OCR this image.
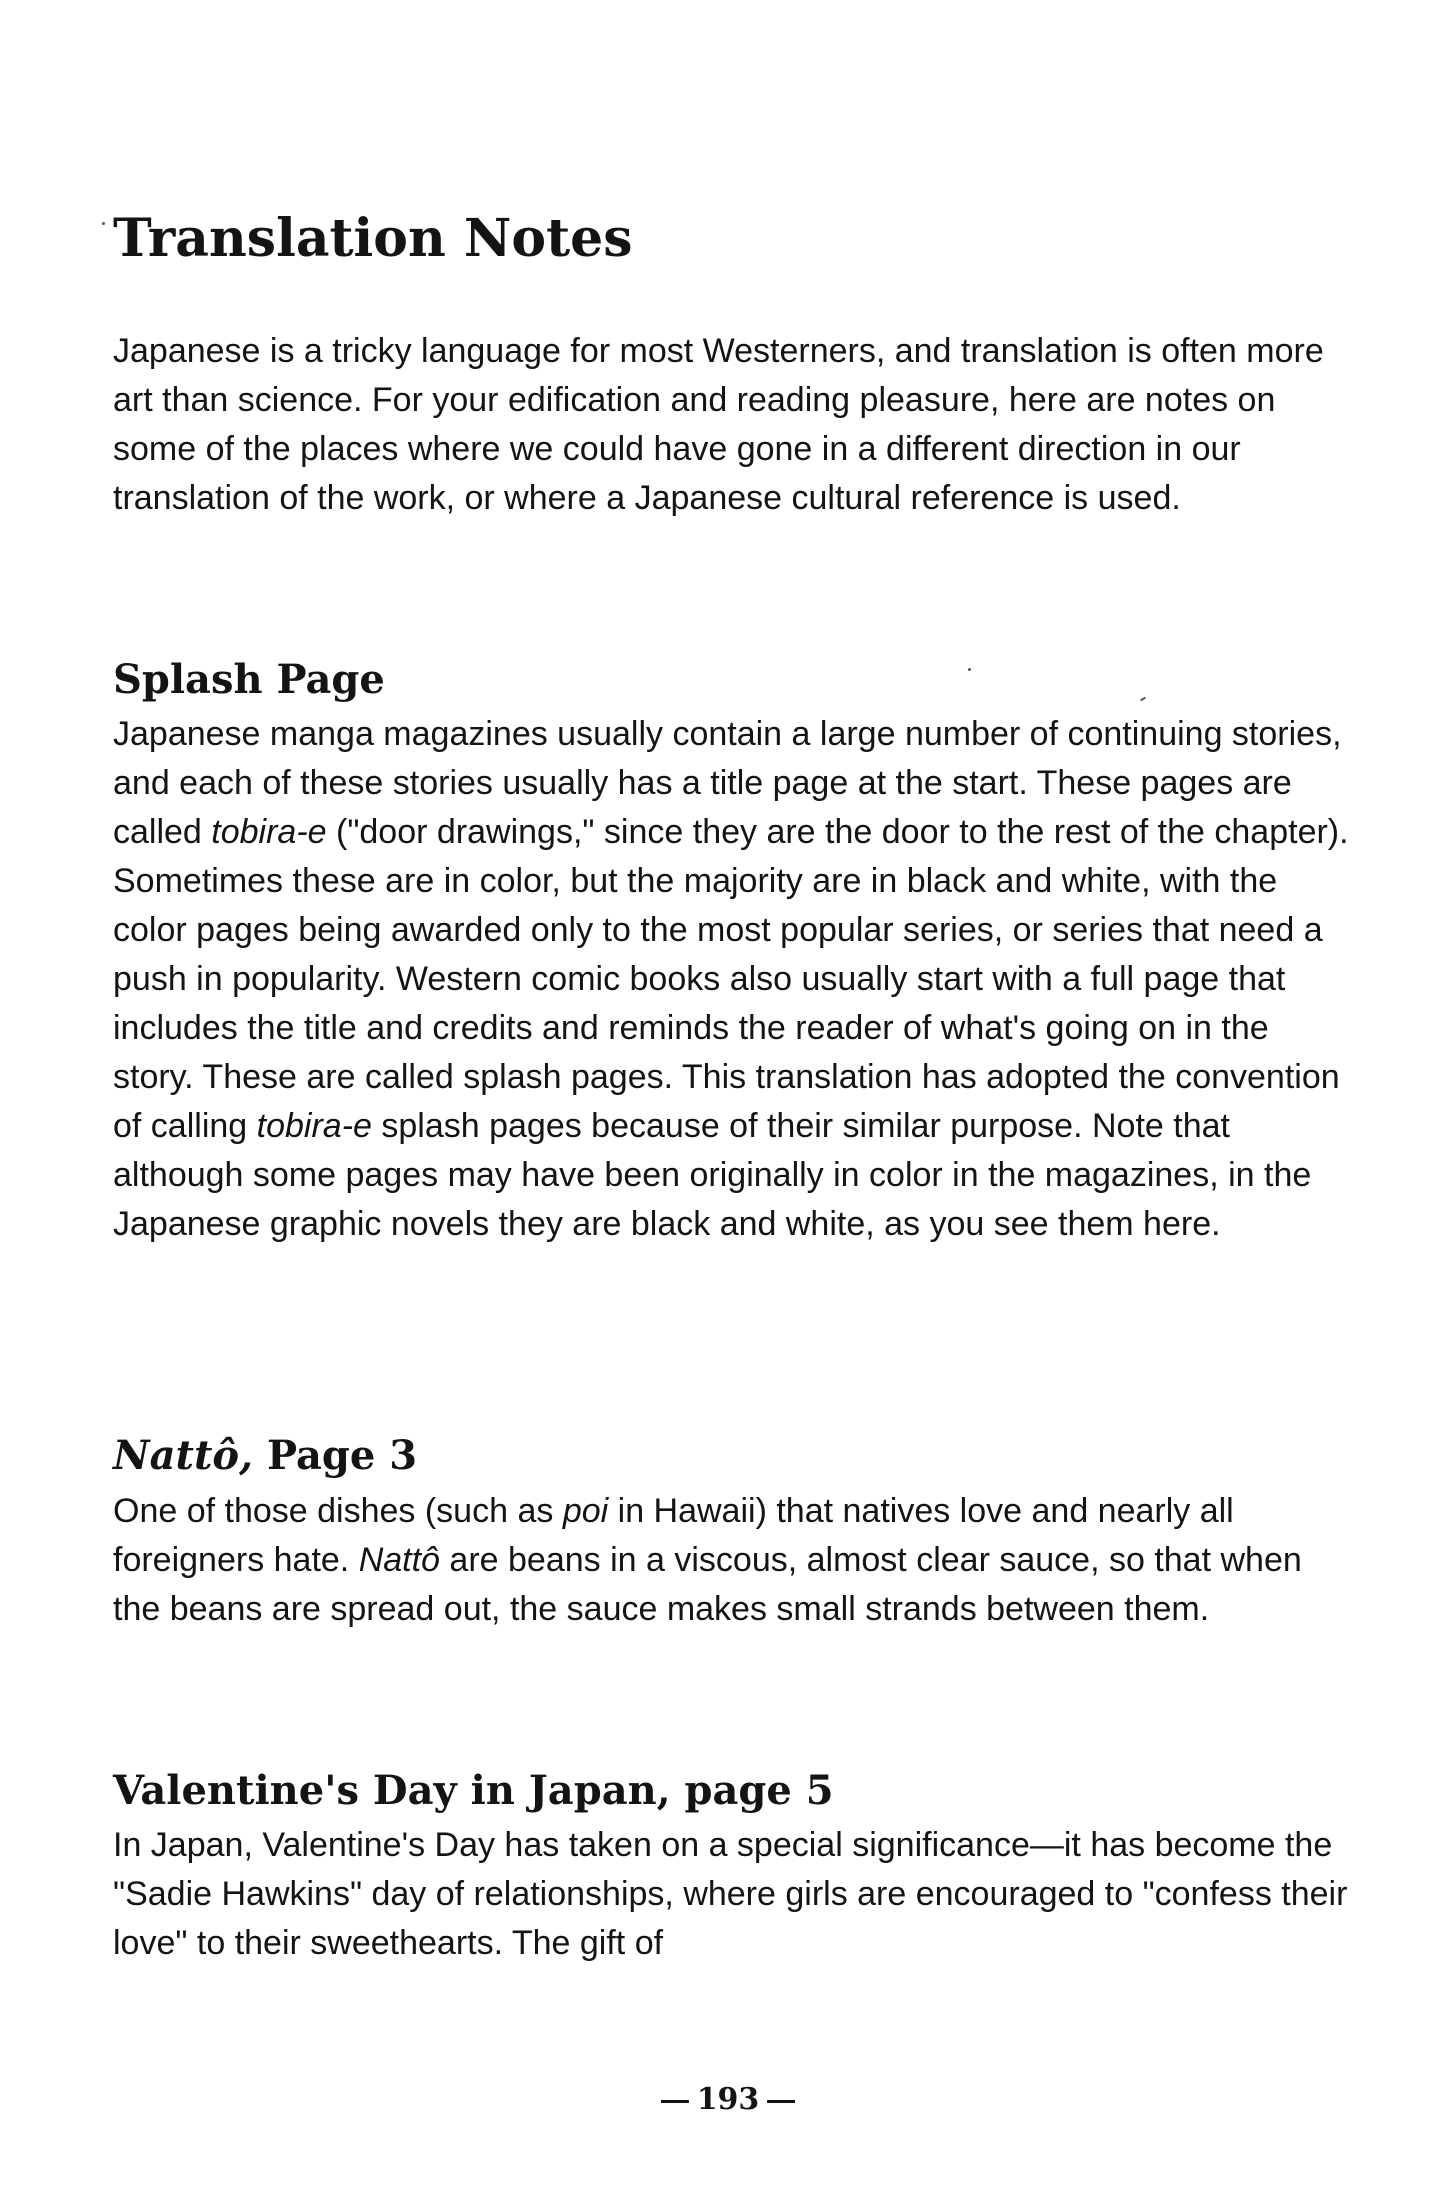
Translation Notes

Japanese is a tricky language for most Westerners, and translation is often more art than science. For your edification and reading pleasure, here are notes on some of the places where we could have gone in a different direction in our translation of the work, or where a Japanese cultural reference is used.

Splash Page

Japanese manga magazines usually contain a large number of continuing stories, and each of these stories usually has a title page at the start. These pages are called tobira-e ("door drawings," since they are the door to the rest of the chapter). Sometimes these are in color, but the majority are in black and white, with the color pages being awarded only to the most popular series, or series that need a push in popularity. Western comic books also usually start with a full page that includes the title and credits and reminds the reader of what's going on in the story. These are called splash pages. This translation has adopted the convention of calling tobira-e splash pages because of their similar purpose. Note that although some pages may have been originally in color in the magazines, in the Japanese graphic novels they are black and white, as you see them here.

Nattô, Page 3

One of those dishes (such as poi in Hawaii) that natives love and nearly all foreigners hate. Nattô are beans in a viscous, almost clear sauce, so that when the beans are spread out, the sauce makes small strands between them.

Valentine's Day in Japan, page 5

In Japan, Valentine's Day has taken on a special significance—it has become the "Sadie Hawkins" day of relationships, where girls are encouraged to "confess their love" to their sweethearts. The gift of

193
